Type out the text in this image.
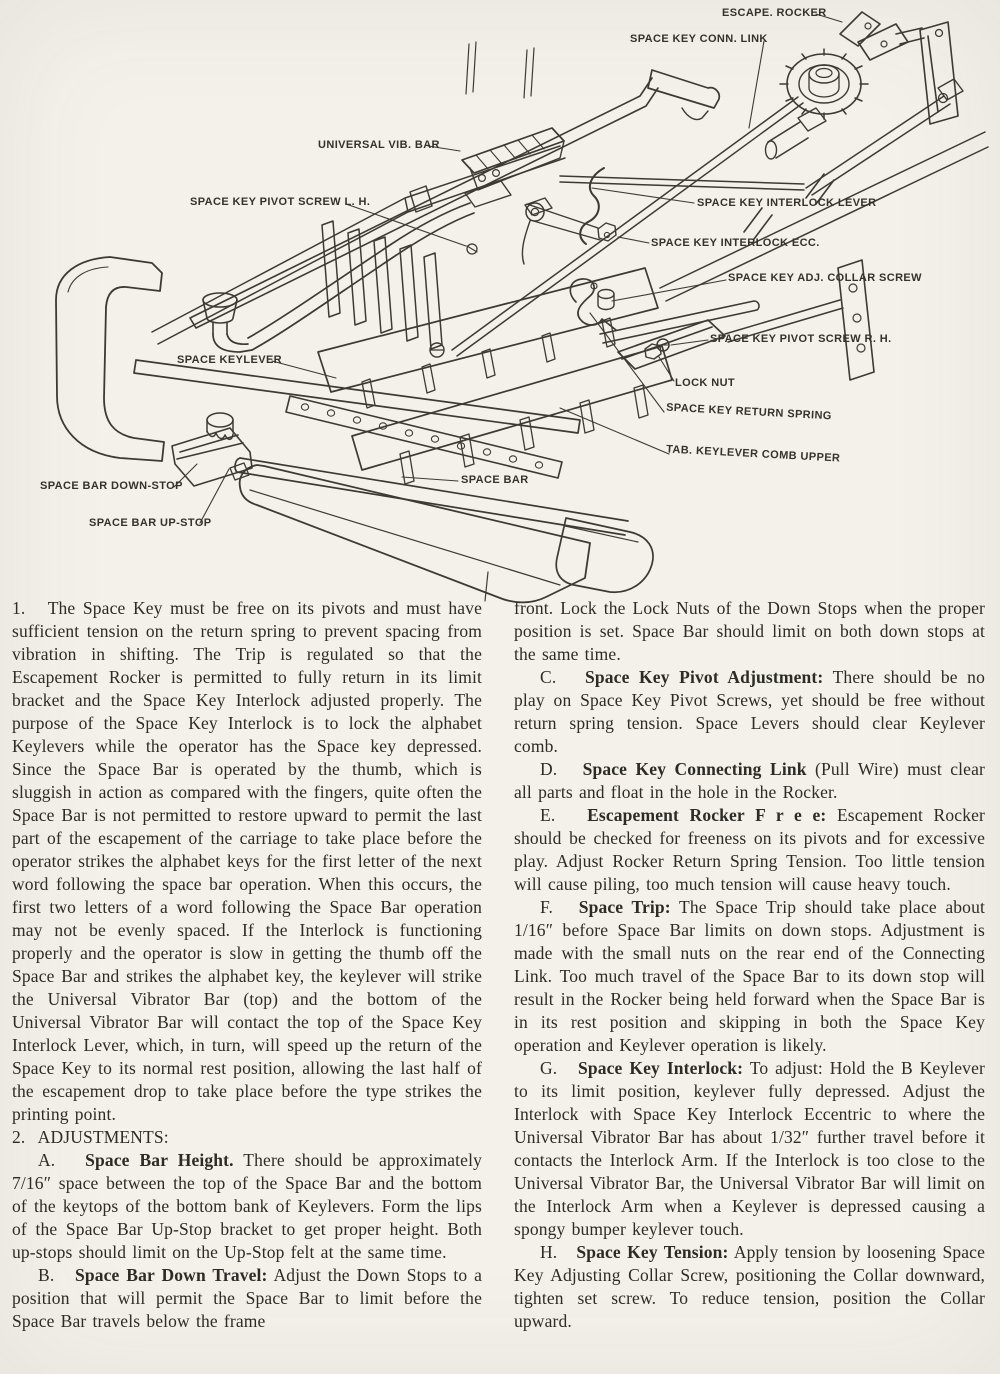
ESCAPE. ROCKER
SPACE KEY CONN. LINK
UNIVERSAL VIB. BAR
SPACE KEY PIVOT SCREW L. H.	SPACE KEY INTERLOCK LEVER
SPACE KEY INTERLOCK ECC.
SPACE KEY ADJ. COLLAR SCREW
SPACE KEY PIVOT SCREW R. H.
LOCK NUT
SPACE KEY RETURN SPRING
TAB. KEYLEVER COMB UPPER
SPACE KEYLEVER
SPACE BAR
SPACE BAR DOWN-STOP
SPACE BAR UP-STOP

1.   The Space Key must be free on its pivots and must have sufficient tension on the return spring to prevent spacing from vibration in shifting. The Trip is regulated so that the Escapement Rocker is permitted to fully return in its limit bracket and the Space Key Interlock adjusted properly. The purpose of the Space Key Interlock is to lock the alphabet Keylevers while the operator has the Space key depressed. Since the Space Bar is operated by the thumb, which is sluggish in action as compared with the fingers, quite often the Space Bar is not permitted to restore upward to permit the last part of the escapement of the carriage to take place before the operator strikes the alphabet keys for the first letter of the next word following the space bar operation. When this occurs, the first two letters of a word following the Space Bar operation may not be evenly spaced. If the Interlock is functioning properly and the operator is slow in getting the thumb off the Space Bar and strikes the alphabet key, the keylever will strike the Universal Vibrator Bar (top) and the bottom of the Universal Vibrator Bar will contact the top of the Space Key Interlock Lever, which, in turn, will speed up the return of the Space Key to its normal rest position, allowing the last half of the escapement drop to take place before the type strikes the printing point.

2.  ADJUSTMENTS:

A.   Space Bar Height. There should be approximately 7/16″ space between the top of the Space Bar and the bottom of the keytops of the bottom bank of Keylevers. Form the lips of the Space Bar Up-Stop bracket to get proper height. Both up-stops should limit on the Up-Stop felt at the same time.

B.   Space Bar Down Travel: Adjust the Down Stops to a position that will permit the Space Bar to limit before the Space Bar travels below the frame

front. Lock the Lock Nuts of the Down Stops when the proper position is set. Space Bar should limit on both down stops at the same time.

C.   Space Key Pivot Adjustment: There should be no play on Space Key Pivot Screws, yet should be free without return spring tension. Space Levers should clear Keylever comb.

D.   Space Key Connecting Link (Pull Wire) must clear all parts and float in the hole in the Rocker.

E.   Escapement Rocker F r e e: Escapement Rocker should be checked for freeness on its pivots and for excessive play. Adjust Rocker Return Spring Tension. Too little tension will cause piling, too much tension will cause heavy touch.

F.   Space Trip: The Space Trip should take place about 1/16″ before Space Bar limits on down stops. Adjustment is made with the small nuts on the rear end of the Connecting Link. Too much travel of the Space Bar to its down stop will result in the Rocker being held forward when the Space Bar is in its rest position and skipping in both the Space Key operation and Keylever operation is likely.

G.   Space Key Interlock: To adjust: Hold the B Keylever to its limit position, keylever fully depressed. Adjust the Interlock with Space Key Interlock Eccentric to where the Universal Vibrator Bar has about 1/32″ further travel before it contacts the Interlock Arm. If the Interlock is too close to the Universal Vibrator Bar, the Universal Vibrator Bar will limit on the Interlock Arm when a Keylever is depressed causing a spongy bumper keylever touch.

H.   Space Key Tension: Apply tension by loosening Space Key Adjusting Collar Screw, positioning the Collar downward, tighten set screw. To reduce tension, position the Collar upward.
